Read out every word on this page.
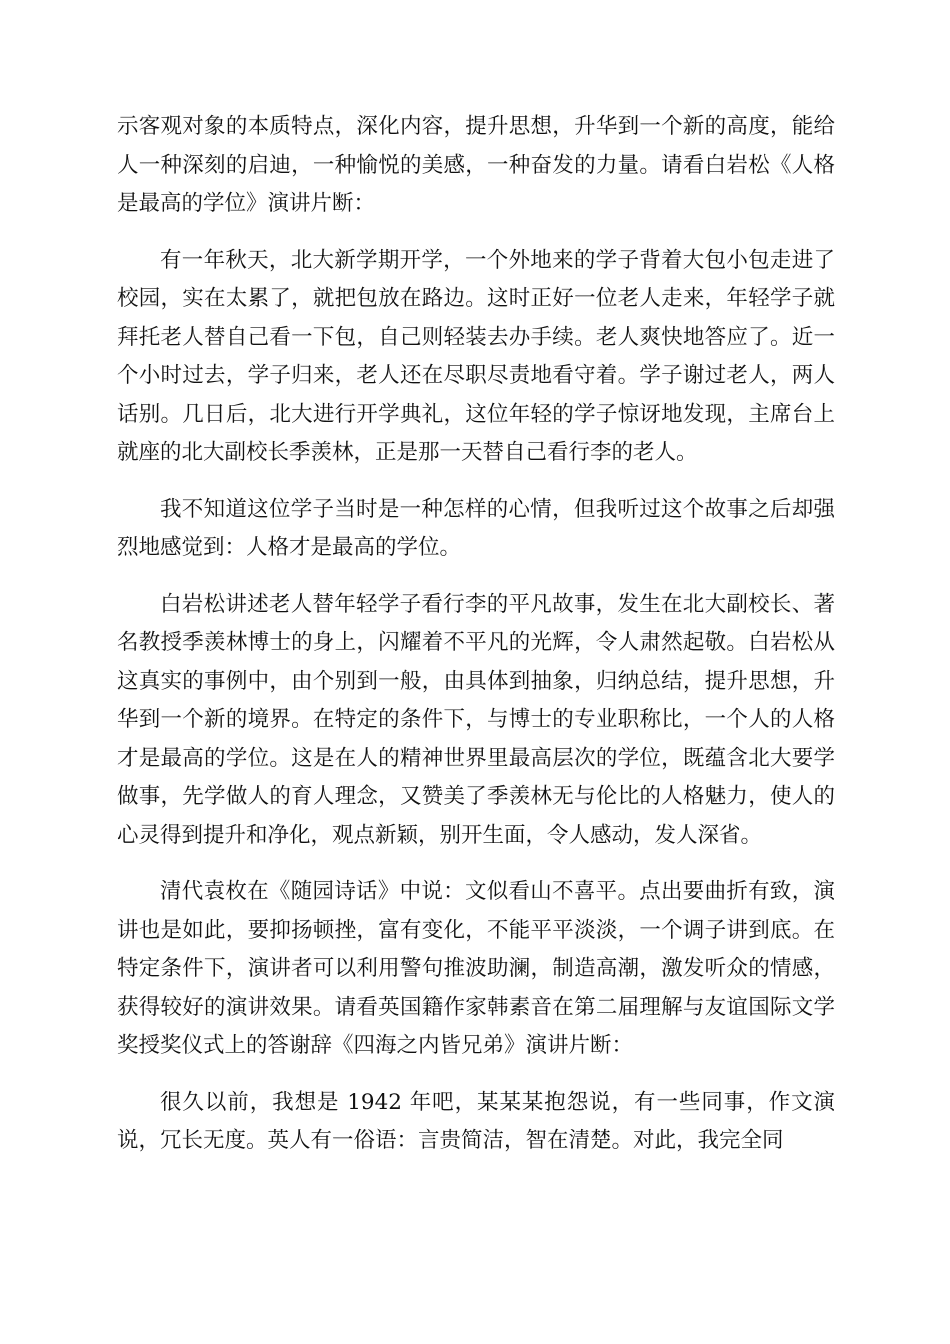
示客观对象的本质特点，深化内容，提升思想，升华到一个新的高度，能给人一种深刻的启迪，一种愉悦的美感，一种奋发的力量。请看白岩松《人格是最高的学位》演讲片断：

有一年秋天，北大新学期开学，一个外地来的学子背着大包小包走进了校园，实在太累了，就把包放在路边。这时正好一位老人走来，年轻学子就拜托老人替自己看一下包，自己则轻装去办手续。老人爽快地答应了。近一个小时过去，学子归来，老人还在尽职尽责地看守着。学子谢过老人，两人话别。几日后，北大进行开学典礼，这位年轻的学子惊讶地发现，主席台上就座的北大副校长季羡林，正是那一天替自己看行李的老人。

我不知道这位学子当时是一种怎样的心情，但我听过这个故事之后却强烈地感觉到：人格才是最高的学位。

白岩松讲述老人替年轻学子看行李的平凡故事，发生在北大副校长、著名教授季羡林博士的身上，闪耀着不平凡的光辉，令人肃然起敬。白岩松从这真实的事例中，由个别到一般，由具体到抽象，归纳总结，提升思想，升华到一个新的境界。在特定的条件下，与博士的专业职称比，一个人的人格才是最高的学位。这是在人的精神世界里最高层次的学位，既蕴含北大要学做事，先学做人的育人理念，又赞美了季羡林无与伦比的人格魅力，使人的心灵得到提升和净化，观点新颖，别开生面，令人感动，发人深省。

清代袁枚在《随园诗话》中说：文似看山不喜平。点出要曲折有致，演讲也是如此，要抑扬顿挫，富有变化，不能平平淡淡，一个调子讲到底。在特定条件下，演讲者可以利用警句推波助澜，制造高潮，激发听众的情感，获得较好的演讲效果。请看英国籍作家韩素音在第二届理解与友谊国际文学奖授奖仪式上的答谢辞《四海之内皆兄弟》演讲片断：

很久以前，我想是 1942 年吧，某某某抱怨说，有一些同事，作文演说，冗长无度。英人有一俗语：言贵简洁，智在清楚。对此，我完全同
